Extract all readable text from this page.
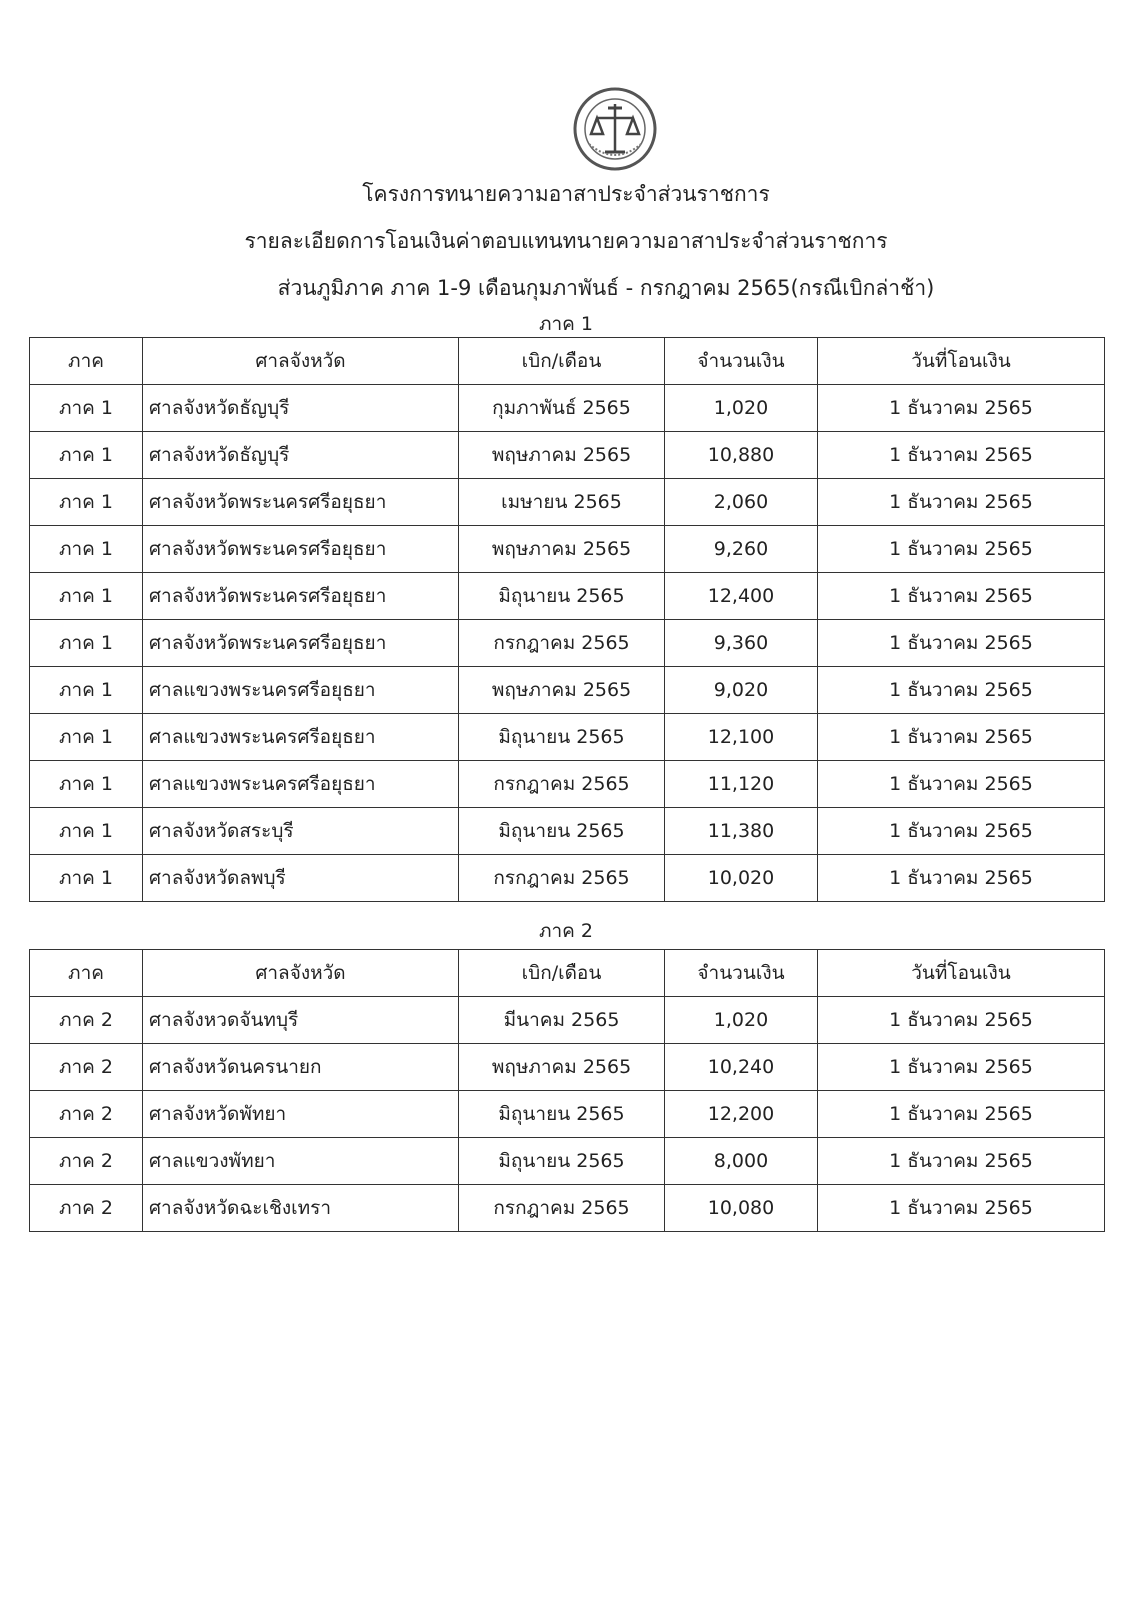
โครงการทนายความอาสาประจำส่วนราชการ
รายละเอียดการโอนเงินค่าตอบแทนทนายความอาสาประจำส่วนราชการ
ส่วนภูมิภาค ภาค 1-9 เดือนกุมภาพันธ์ - กรกฎาคม 2565(กรณีเบิกล่าช้า)
ภาค 1
ภาค	ศาลจังหวัด	เบิก/เดือน	จำนวนเงิน	วันที่โอนเงิน
ภาค 1	ศาลจังหวัดธัญบุรี	กุมภาพันธ์ 2565	1,020	1 ธันวาคม 2565
ภาค 1	ศาลจังหวัดธัญบุรี	พฤษภาคม 2565	10,880	1 ธันวาคม 2565
ภาค 1	ศาลจังหวัดพระนครศรีอยุธยา	เมษายน 2565	2,060	1 ธันวาคม 2565
ภาค 1	ศาลจังหวัดพระนครศรีอยุธยา	พฤษภาคม 2565	9,260	1 ธันวาคม 2565
ภาค 1	ศาลจังหวัดพระนครศรีอยุธยา	มิถุนายน 2565	12,400	1 ธันวาคม 2565
ภาค 1	ศาลจังหวัดพระนครศรีอยุธยา	กรกฎาคม 2565	9,360	1 ธันวาคม 2565
ภาค 1	ศาลแขวงพระนครศรีอยุธยา	พฤษภาคม 2565	9,020	1 ธันวาคม 2565
ภาค 1	ศาลแขวงพระนครศรีอยุธยา	มิถุนายน 2565	12,100	1 ธันวาคม 2565
ภาค 1	ศาลแขวงพระนครศรีอยุธยา	กรกฎาคม 2565	11,120	1 ธันวาคม 2565
ภาค 1	ศาลจังหวัดสระบุรี	มิถุนายน 2565	11,380	1 ธันวาคม 2565
ภาค 1	ศาลจังหวัดลพบุรี	กรกฎาคม 2565	10,020	1 ธันวาคม 2565
ภาค 2
ภาค	ศาลจังหวัด	เบิก/เดือน	จำนวนเงิน	วันที่โอนเงิน
ภาค 2	ศาลจังหวดจันทบุรี	มีนาคม 2565	1,020	1 ธันวาคม 2565
ภาค 2	ศาลจังหวัดนครนายก	พฤษภาคม 2565	10,240	1 ธันวาคม 2565
ภาค 2	ศาลจังหวัดพัทยา	มิถุนายน 2565	12,200	1 ธันวาคม 2565
ภาค 2	ศาลแขวงพัทยา	มิถุนายน 2565	8,000	1 ธันวาคม 2565
ภาค 2	ศาลจังหวัดฉะเชิงเทรา	กรกฎาคม 2565	10,080	1 ธันวาคม 2565
